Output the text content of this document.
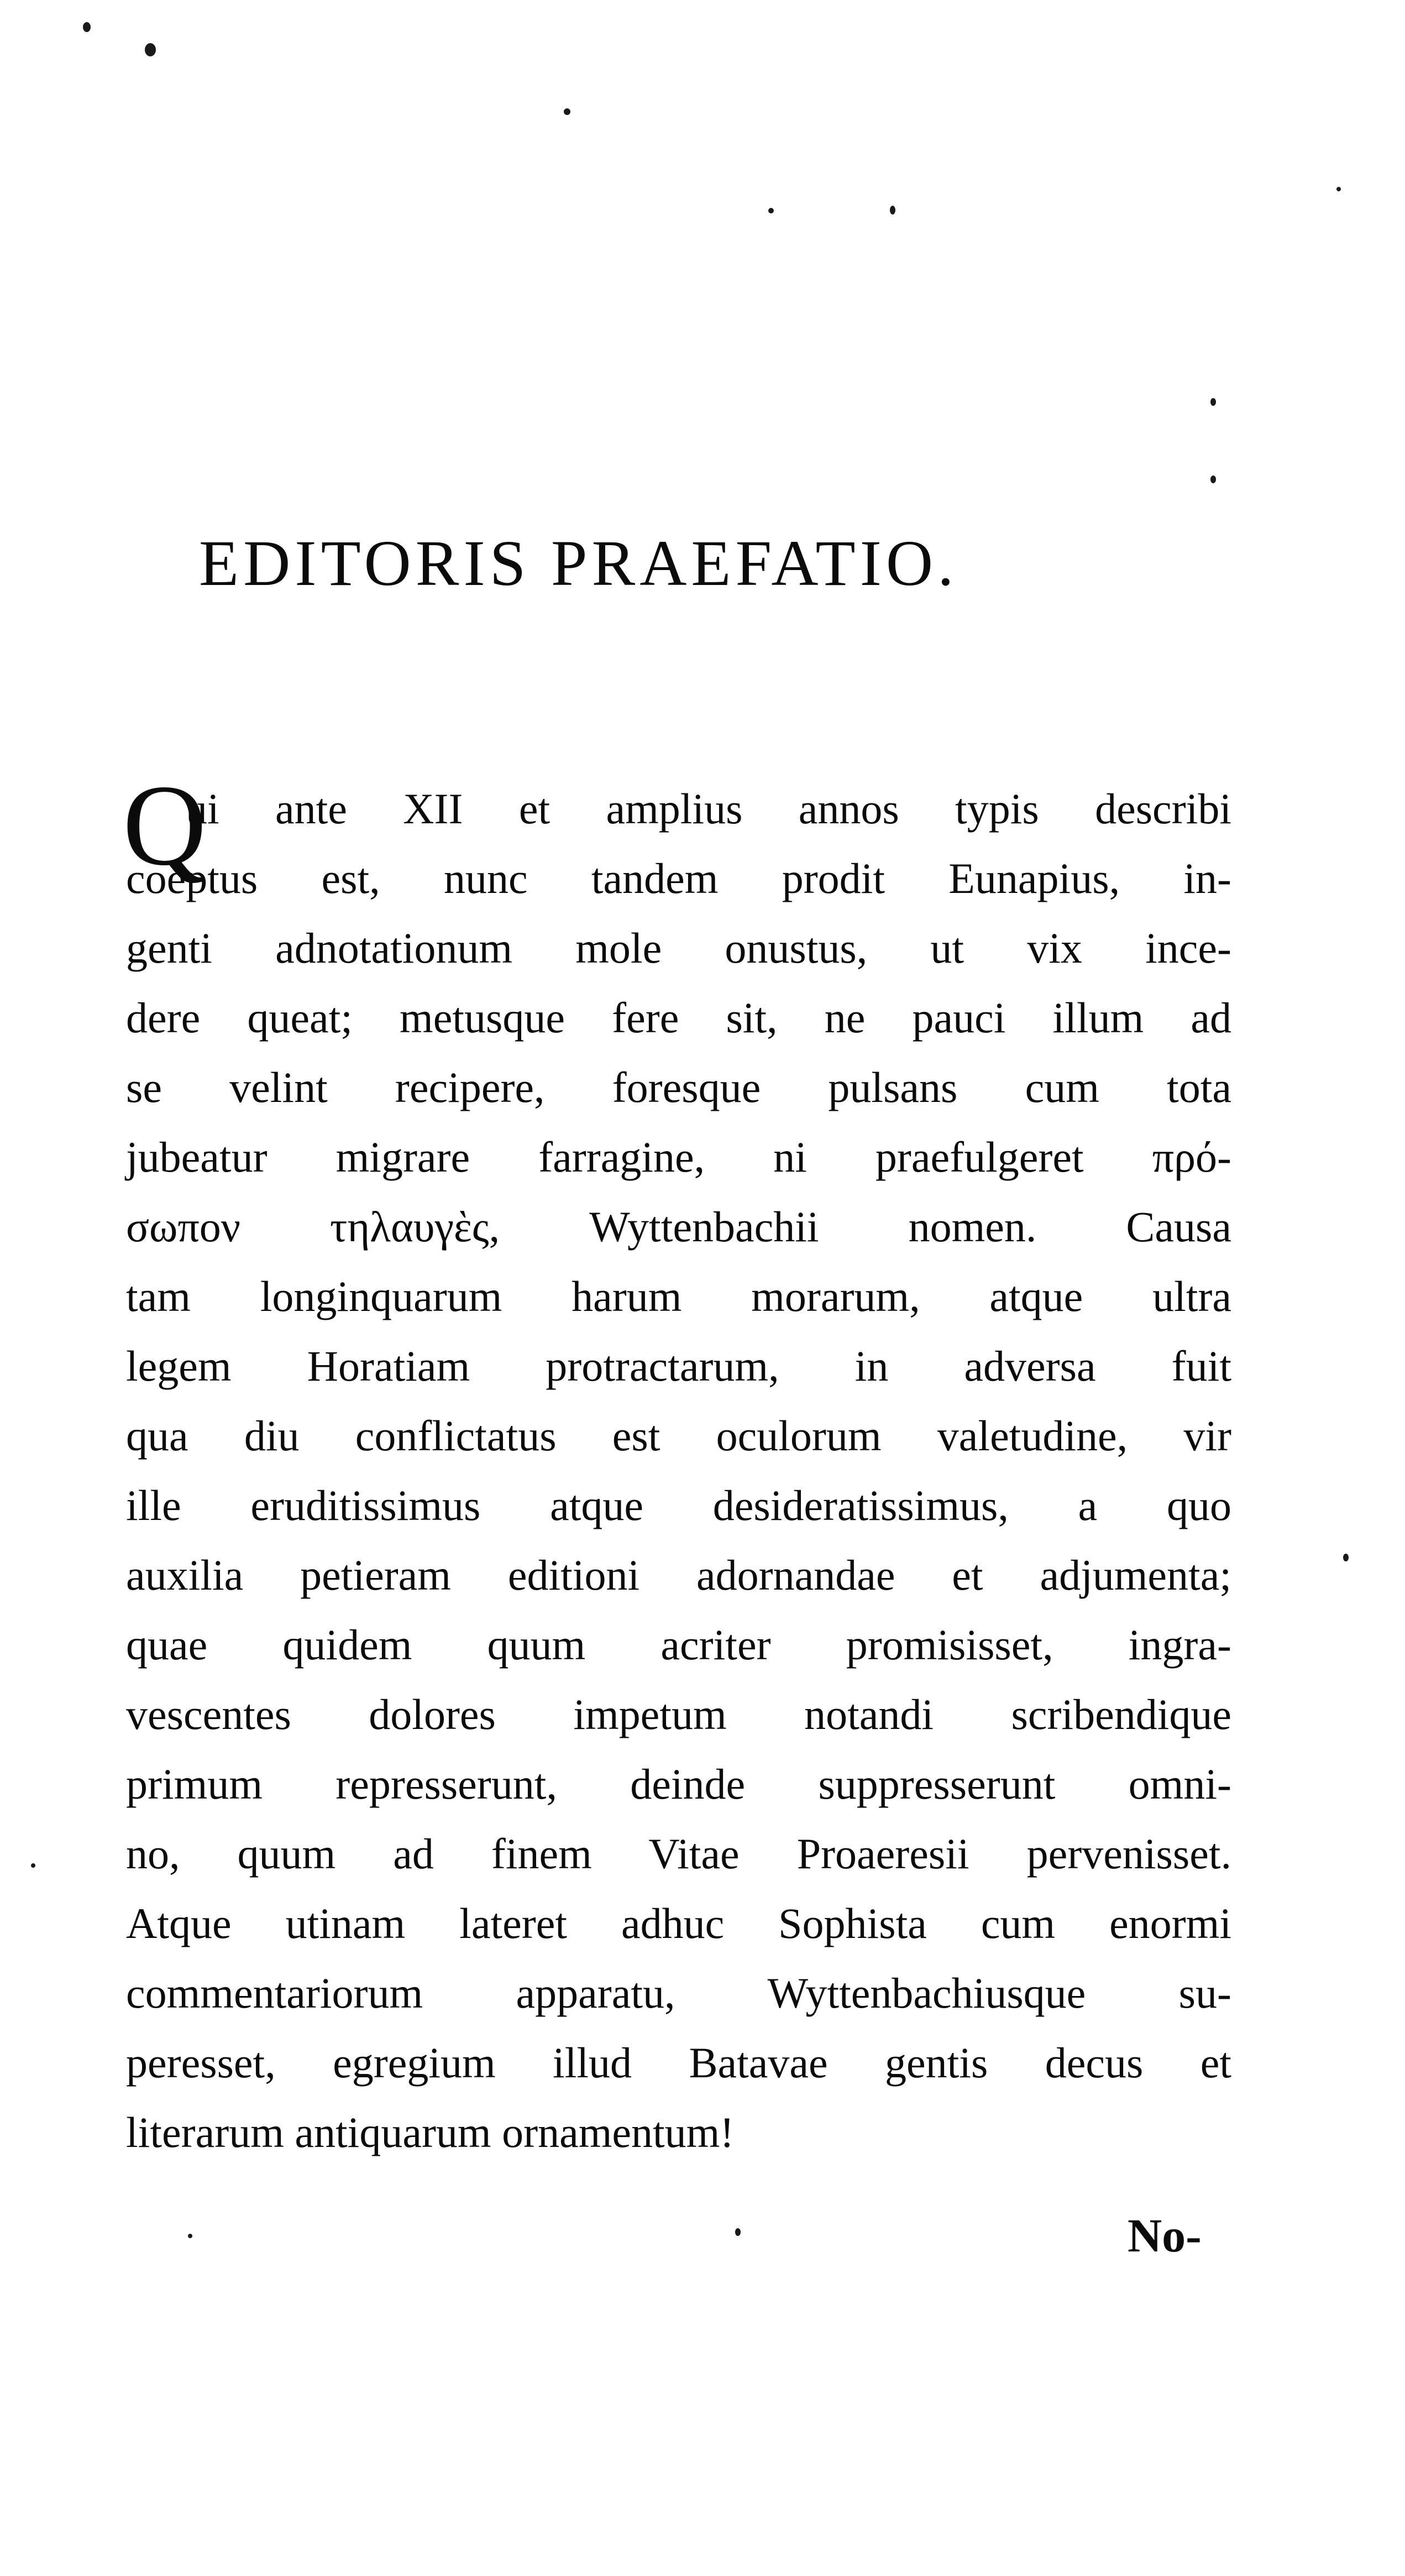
EDITORIS PRAEFATIO.
Q
ui ante XII et amplius annos typis describi
coeptus est, nunc tandem prodit Eunapius, in-
genti adnotationum mole onustus, ut vix ince-
dere queat; metusque fere sit, ne pauci illum ad
se velint recipere, foresque pulsans cum tota
jubeatur migrare farragine, ni praefulgeret πρό-
σωπον τηλαυγὲς, Wyttenbachii nomen. Causa
tam longinquarum harum morarum, atque ultra
legem Horatiam protractarum, in adversa fuit
qua diu conflictatus est oculorum valetudine, vir
ille eruditissimus atque desideratissimus, a quo
auxilia petieram editioni adornandae et adjumenta;
quae quidem quum acriter promisisset, ingra-
vescentes dolores impetum notandi scribendique
primum represserunt, deinde suppresserunt omni-
no, quum ad finem Vitae Proaeresii pervenisset.
Atque utinam lateret adhuc Sophista cum enormi
commentariorum apparatu, Wyttenbachiusque su-
peresset, egregium illud Batavae gentis decus et
literarum antiquarum ornamentum!
No-
